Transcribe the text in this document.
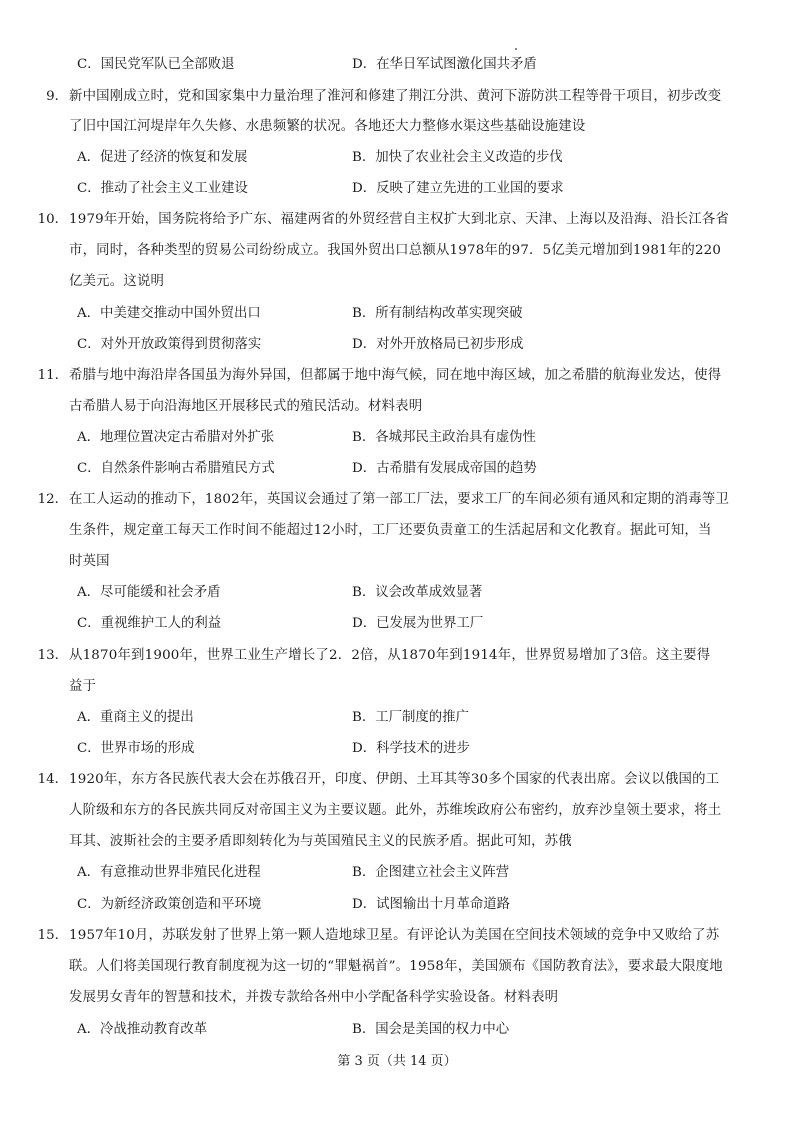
C．国民党军队已全部败退	D．在华日军试图激化国共矛盾
9． 新中国刚成立时，党和国家集中力量治理了淮河和修建了荆江分洪、黄河下游防洪工程等骨干项目，初步改变
了旧中国江河堤岸年久失修、水患频繁的状况。各地还大力整修水渠这些基础设施建设
A．促进了经济的恢复和发展	B．加快了农业社会主义改造的步伐
C．推动了社会主义工业建设	D．反映了建立先进的工业国的要求
10． 1979年开始，国务院将给予广东、福建两省的外贸经营自主权扩大到北京、天津、上海以及沿海、沿长江各省
市，同时，各种类型的贸易公司纷纷成立。我国外贸出口总额从1978年的97．5亿美元增加到1981年的220
亿美元。这说明
A．中美建交推动中国外贸出口	B．所有制结构改革实现突破
C．对外开放政策得到贯彻落实	D．对外开放格局已初步形成
11． 希腊与地中海沿岸各国虽为海外异国，但都属于地中海气候，同在地中海区域，加之希腊的航海业发达，使得
古希腊人易于向沿海地区开展移民式的殖民活动。材料表明
A．地理位置决定古希腊对外扩张	B．各城邦民主政治具有虚伪性
C．自然条件影响古希腊殖民方式	D．古希腊有发展成帝国的趋势
12． 在工人运动的推动下，1802年，英国议会通过了第一部工厂法，要求工厂的车间必须有通风和定期的消毒等卫
生条件，规定童工每天工作时间不能超过12小时，工厂还要负责童工的生活起居和文化教育。据此可知，当
时英国
A．尽可能缓和社会矛盾	B．议会改革成效显著
C．重视维护工人的利益	D．已发展为世界工厂
13． 从1870年到1900年，世界工业生产增长了2．2倍，从1870年到1914年，世界贸易增加了3倍。这主要得
益于
A．重商主义的提出	B．工厂制度的推广
C．世界市场的形成	D．科学技术的进步
14． 1920年，东方各民族代表大会在苏俄召开，印度、伊朗、土耳其等30多个国家的代表出席。会议以俄国的工
人阶级和东方的各民族共同反对帝国主义为主要议题。此外，苏维埃政府公布密约，放弃沙皇领土要求，将土
耳其、波斯社会的主要矛盾即刻转化为与英国殖民主义的民族矛盾。据此可知，苏俄
A．有意推动世界非殖民化进程	B．企图建立社会主义阵营
C．为新经济政策创造和平环境	D．试图输出十月革命道路
15． 1957年10月，苏联发射了世界上第一颗人造地球卫星。有评论认为美国在空间技术领域的竞争中又败给了苏
联。人们将美国现行教育制度视为这一切的“罪魁祸首”。1958年，美国颁布《国防教育法》，要求最大限度地
发展男女青年的智慧和技术，并拨专款给各州中小学配备科学实验设备。材料表明
A．冷战推动教育改革	B．国会是美国的权力中心
第 3 页（共 14 页）
